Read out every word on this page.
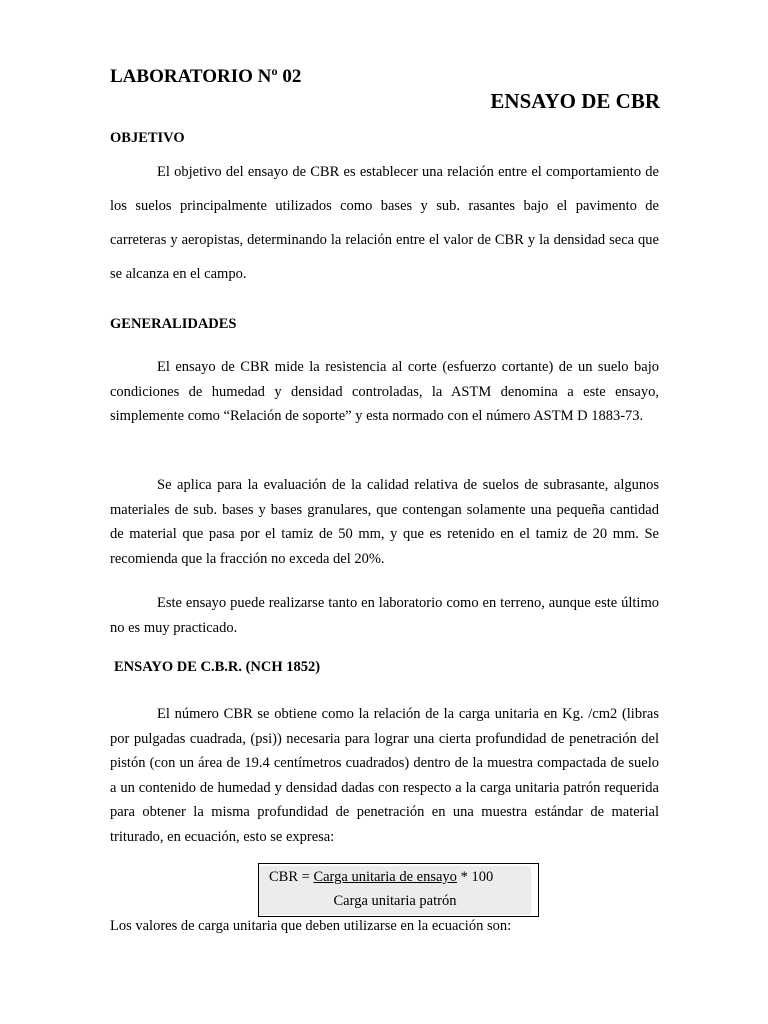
LABORATORIO Nº 02
ENSAYO DE CBR
OBJETIVO

El objetivo del ensayo de CBR es establecer una relación entre el comportamiento de los suelos principalmente utilizados como bases y sub. rasantes bajo el pavimento de carreteras y aeropistas, determinando la relación entre el valor de CBR y la densidad seca que se alcanza en el campo.

GENERALIDADES

El ensayo de CBR mide la resistencia al corte (esfuerzo cortante) de un suelo bajo condiciones de humedad y densidad controladas, la ASTM denomina a este ensayo, simplemente como “Relación de soporte” y esta normado con el número ASTM D 1883-73.

Se aplica para la evaluación de la calidad relativa de suelos de subrasante, algunos materiales de sub. bases y bases granulares, que contengan solamente una pequeña cantidad de material que pasa por el tamiz de 50 mm, y que es retenido en el tamiz de 20 mm. Se recomienda que la fracción no exceda del 20%.

Este ensayo puede realizarse tanto en laboratorio como en terreno, aunque este último no es muy practicado.

ENSAYO DE C.B.R. (NCH 1852)

El número CBR se obtiene como la relación de la carga unitaria en Kg. /cm2 (libras por pulgadas cuadrada, (psi)) necesaria para lograr una cierta profundidad de penetración del pistón (con un área de 19.4 centímetros cuadrados) dentro de la muestra compactada de suelo a un contenido de humedad y densidad dadas con respecto a la carga unitaria patrón requerida para obtener la misma profundidad de penetración en una muestra estándar de material triturado, en ecuación, esto se expresa:

CBR = Carga unitaria de ensayo * 100
Carga unitaria patrón
Los valores de carga unitaria que deben utilizarse en la ecuación son:
